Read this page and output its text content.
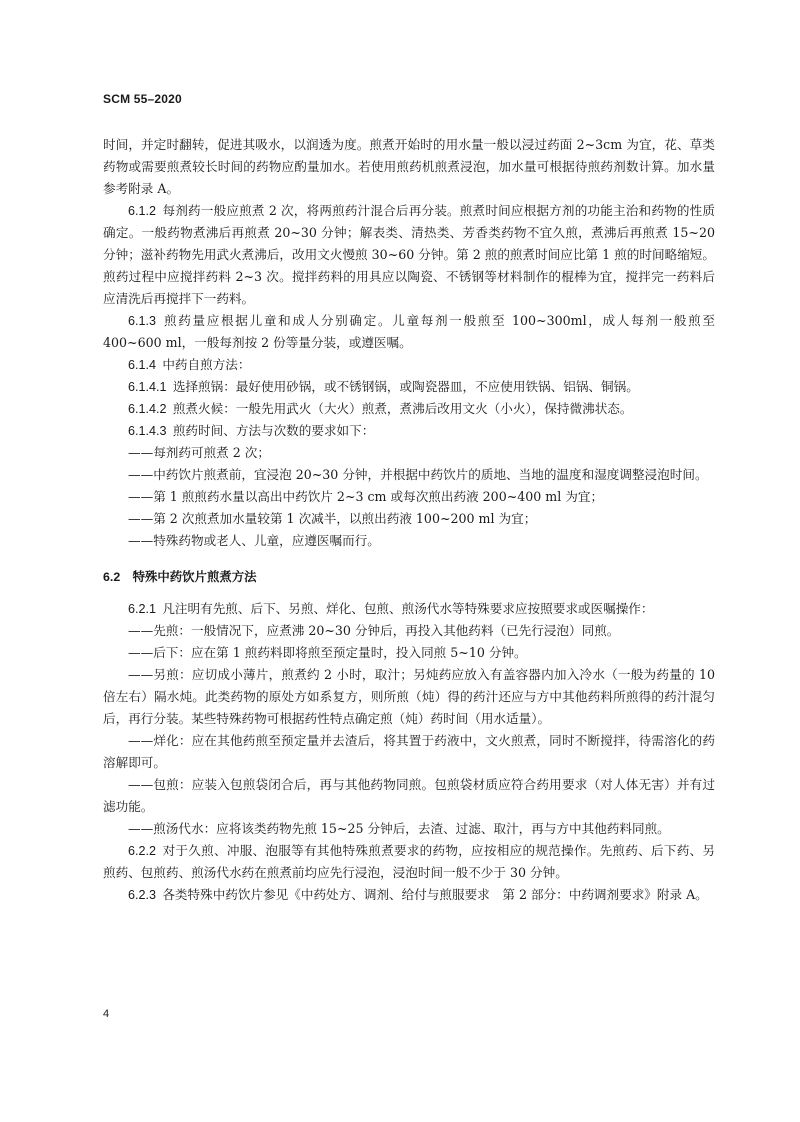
SCM 55–2020

时间，并定时翻转，促进其吸水，以润透为度。煎煮开始时的用水量一般以浸过药面 2~3cm 为宜，花、草类药物或需要煎煮较长时间的药物应酌量加水。若使用煎药机煎煮浸泡，加水量可根据待煎药剂数计算。加水量参考附录 A。

6.1.2  每剂药一般应煎煮 2 次，将两煎药汁混合后再分装。煎煮时间应根据方剂的功能主治和药物的性质确定。一般药物煮沸后再煎煮 20~30 分钟；解表类、清热类、芳香类药物不宜久煎，煮沸后再煎煮 15~20 分钟；滋补药物先用武火煮沸后，改用文火慢煎 30~60 分钟。第 2 煎的煎煮时间应比第 1 煎的时间略缩短。煎药过程中应搅拌药料 2~3 次。搅拌药料的用具应以陶瓷、不锈钢等材料制作的棍棒为宜，搅拌完一药料后应清洗后再搅拌下一药料。

6.1.3  煎药量应根据儿童和成人分别确定。儿童每剂一般煎至 100~300ml，成人每剂一般煎至 400~600 ml，一般每剂按 2 份等量分装，或遵医嘱。

6.1.4  中药自煎方法：

6.1.4.1  选择煎锅：最好使用砂锅，或不锈钢锅，或陶瓷器皿，不应使用铁锅、铝锅、铜锅。

6.1.4.2  煎煮火候：一般先用武火（大火）煎煮，煮沸后改用文火（小火），保持微沸状态。

6.1.4.3  煎药时间、方法与次数的要求如下：

——每剂药可煎煮 2 次；

——中药饮片煎煮前，宜浸泡 20~30 分钟，并根据中药饮片的质地、当地的温度和湿度调整浸泡时间。

——第 1 煎煎药水量以高出中药饮片 2~3 cm 或每次煎出药液 200~400 ml 为宜；

——第 2 次煎煮加水量较第 1 次减半，以煎出药液 100~200 ml 为宜；

——特殊药物或老人、儿童，应遵医嘱而行。

6.2   特殊中药饮片煎煮方法

6.2.1  凡注明有先煎、后下、另煎、烊化、包煎、煎汤代水等特殊要求应按照要求或医嘱操作：

——先煎：一般情况下，应煮沸 20~30 分钟后，再投入其他药料（已先行浸泡）同煎。

——后下：应在第 1 煎药料即将煎至预定量时，投入同煎 5~10 分钟。

——另煎：应切成小薄片，煎煮约 2 小时，取汁；另炖药应放入有盖容器内加入冷水（一般为药量的 10 倍左右）隔水炖。此类药物的原处方如系复方，则所煎（炖）得的药汁还应与方中其他药料所煎得的药汁混匀后，再行分装。某些特殊药物可根据药性特点确定煎（炖）药时间（用水适量）。

——烊化：应在其他药煎至预定量并去渣后，将其置于药液中，文火煎煮，同时不断搅拌，待需溶化的药溶解即可。

——包煎：应装入包煎袋闭合后，再与其他药物同煎。包煎袋材质应符合药用要求（对人体无害）并有过滤功能。

——煎汤代水：应将该类药物先煎 15~25 分钟后，去渣、过滤、取汁，再与方中其他药料同煎。

6.2.2  对于久煎、冲服、泡服等有其他特殊煎煮要求的药物，应按相应的规范操作。先煎药、后下药、另煎药、包煎药、煎汤代水药在煎煮前均应先行浸泡，浸泡时间一般不少于 30 分钟。

6.2.3  各类特殊中药饮片参见《中药处方、调剂、给付与煎服要求　第 2 部分：中药调剂要求》附录 A。

4
